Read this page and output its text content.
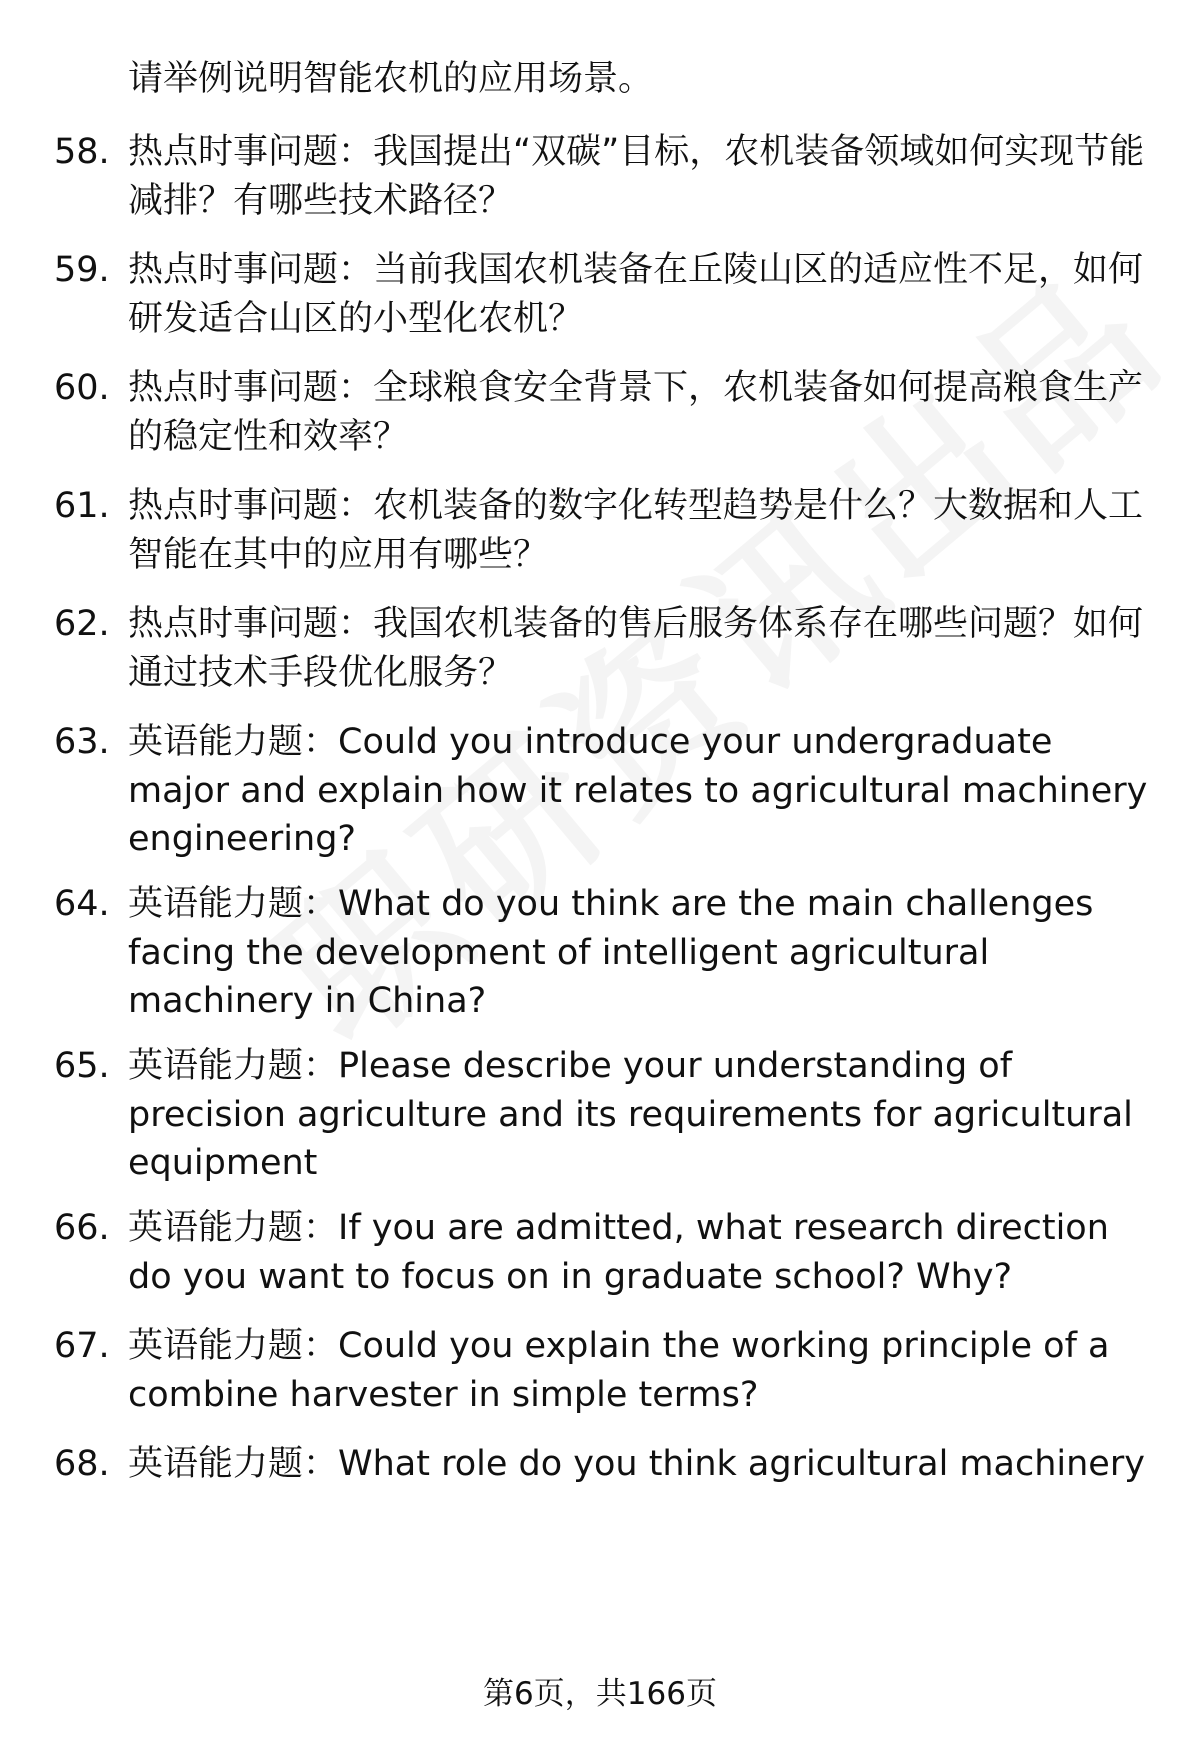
请举例说明智能农机的应用场景。
58. 热点时事问题：我国提出“双碳”目标，农机装备领域如何实现节能减排？有哪些技术路径？
59. 热点时事问题：当前我国农机装备在丘陵山区的适应性不足，如何研发适合山区的小型化农机？
60. 热点时事问题：全球粮食安全背景下，农机装备如何提高粮食生产的稳定性和效率？
61. 热点时事问题：农机装备的数字化转型趋势是什么？大数据和人工智能在其中的应用有哪些？
62. 热点时事问题：我国农机装备的售后服务体系存在哪些问题？如何通过技术手段优化服务？
63. 英语能力题：Could you introduce your undergraduate major and explain how it relates to agricultural machinery engineering?
64. 英语能力题：What do you think are the main challenges facing the development of intelligent agricultural machinery in China?
65. 英语能力题：Please describe your understanding of precision agriculture and its requirements for agricultural equipment
66. 英语能力题：If you are admitted, what research direction do you want to focus on in graduate school? Why?
67. 英语能力题：Could you explain the working principle of a combine harvester in simple terms?
68. 英语能力题：What role do you think agricultural machinery
第6页，共166页
